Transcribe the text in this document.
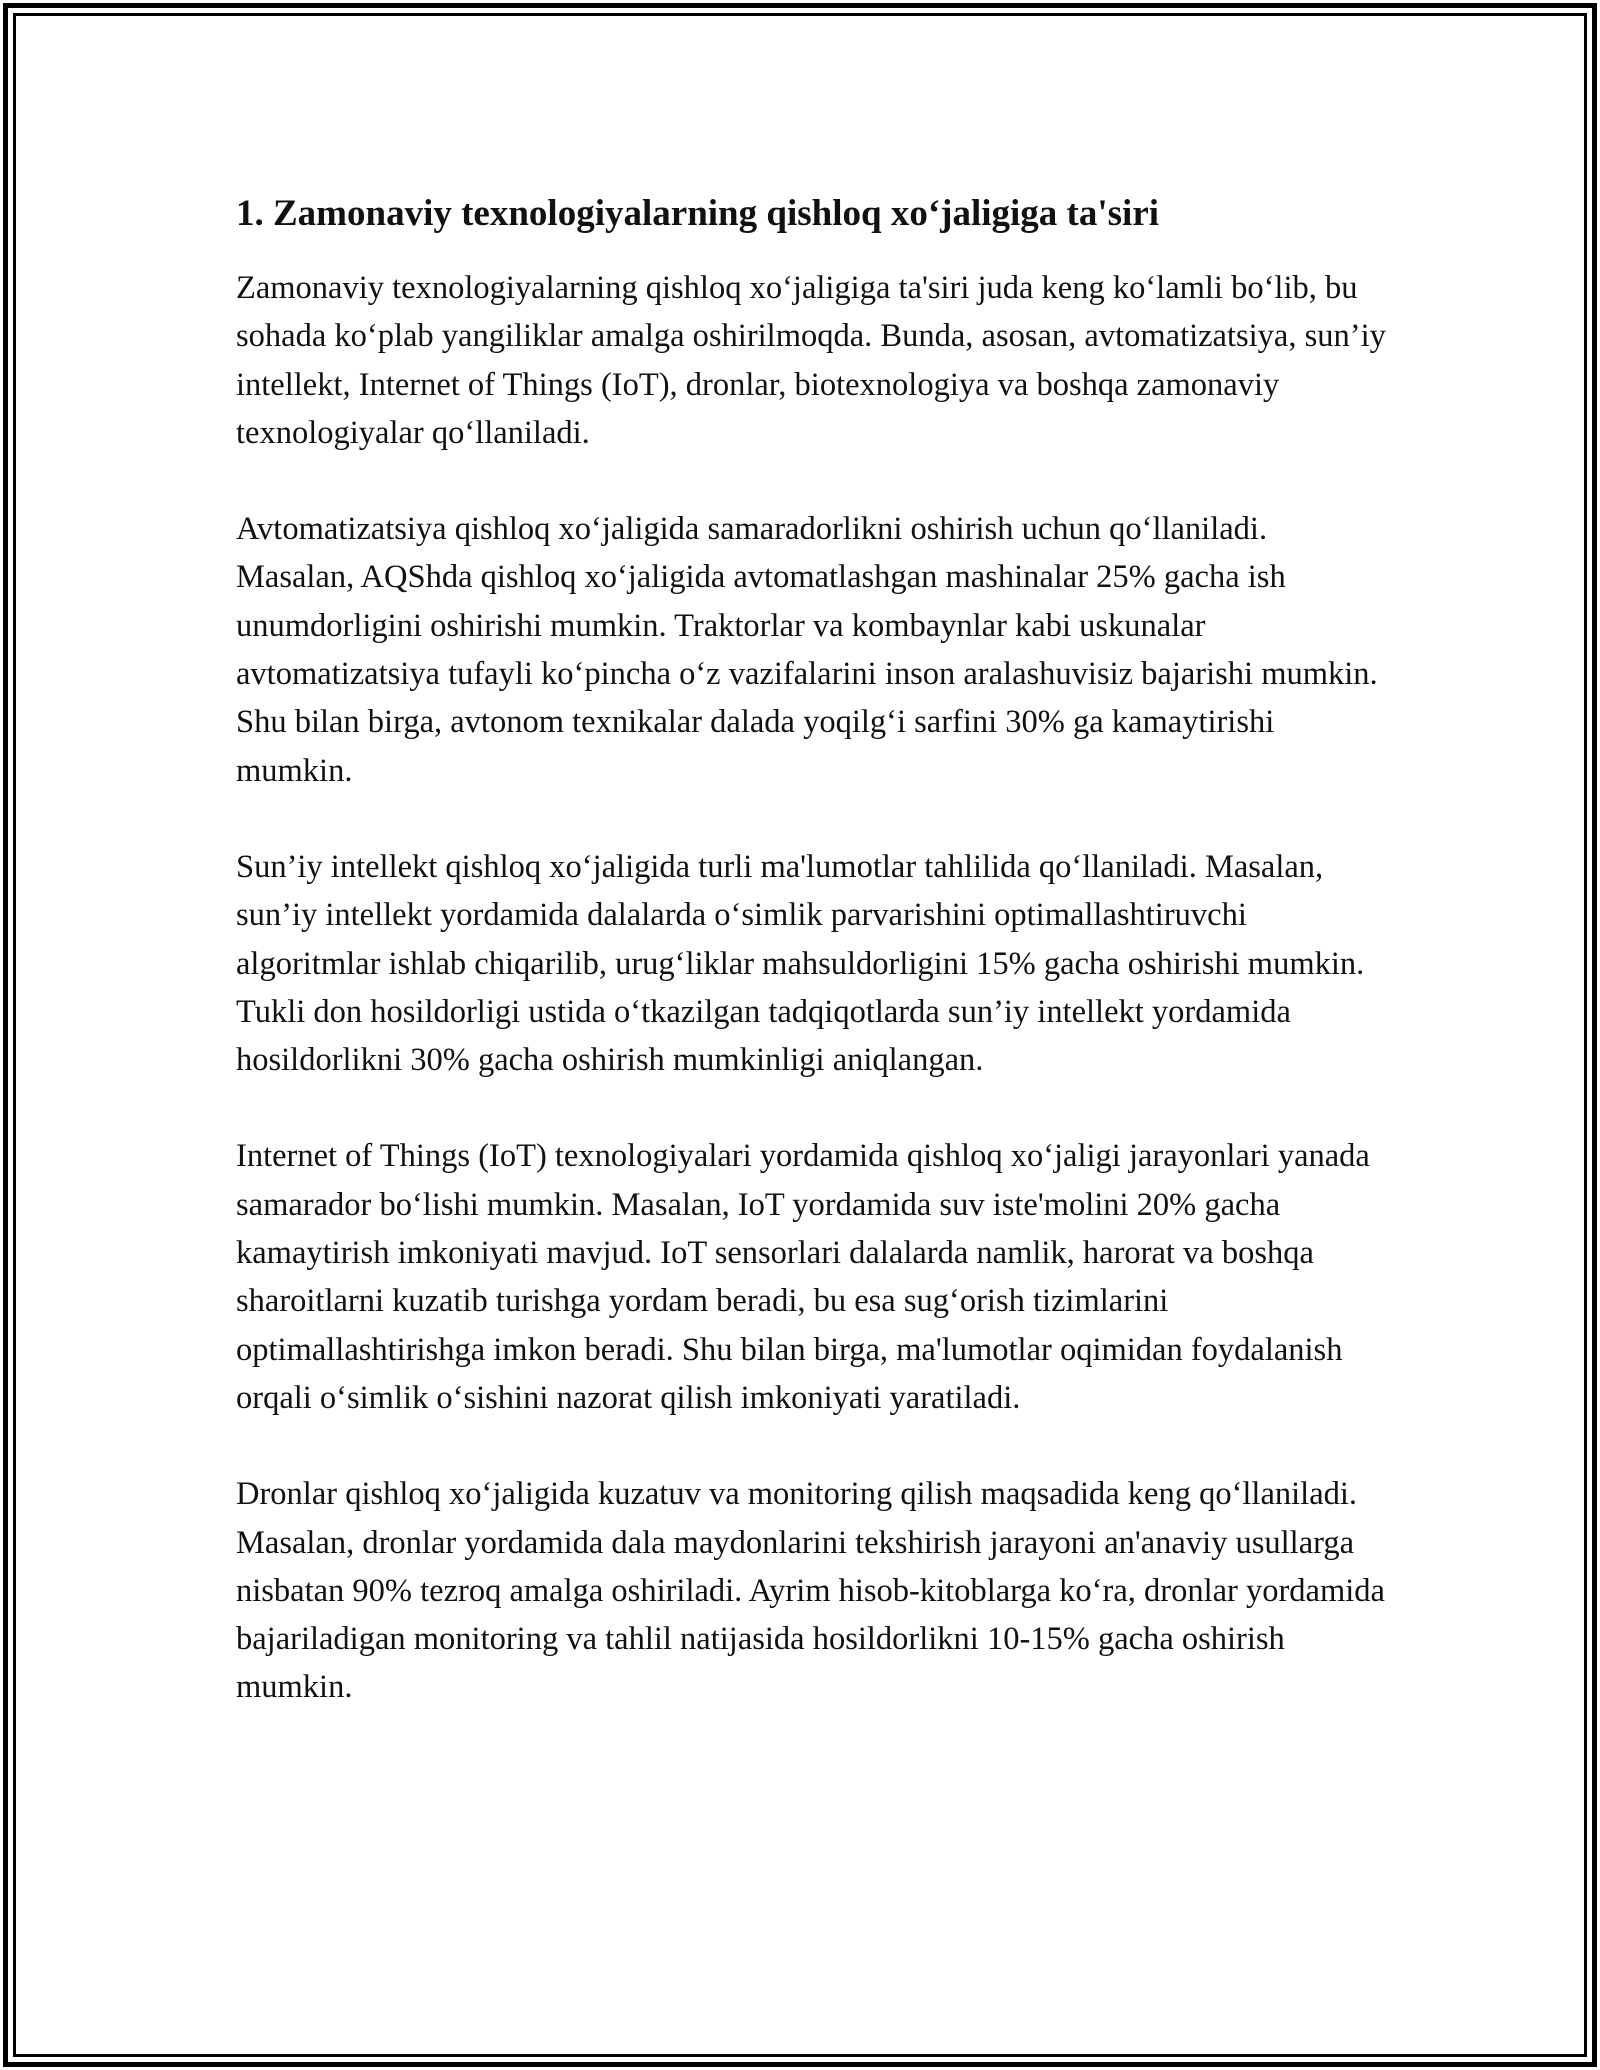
1. Zamonaviy texnologiyalarning qishloq xo‘jaligiga ta'siri

Zamonaviy texnologiyalarning qishloq xo‘jaligiga ta'siri juda keng ko‘lamli bo‘lib, bu sohada ko‘plab yangiliklar amalga oshirilmoqda. Bunda, asosan, avtomatizatsiya, sun’iy intellekt, Internet of Things (IoT), dronlar, biotexnologiya va boshqa zamonaviy texnologiyalar qo‘llaniladi.

Avtomatizatsiya qishloq xo‘jaligida samaradorlikni oshirish uchun qo‘llaniladi. Masalan, AQShda qishloq xo‘jaligida avtomatlashgan mashinalar 25% gacha ish unumdorligini oshirishi mumkin. Traktorlar va kombaynlar kabi uskunalar avtomatizatsiya tufayli ko‘pincha o‘z vazifalarini inson aralashuvisiz bajarishi mumkin. Shu bilan birga, avtonom texnikalar dalada yoqilg‘i sarfini 30% ga kamaytirishi mumkin.

Sun’iy intellekt qishloq xo‘jaligida turli ma'lumotlar tahlilida qo‘llaniladi. Masalan, sun’iy intellekt yordamida dalalarda o‘simlik parvarishini optimallashtiruvchi algoritmlar ishlab chiqarilib, urug‘liklar mahsuldorligini 15% gacha oshirishi mumkin. Tukli don hosildorligi ustida o‘tkazilgan tadqiqotlarda sun’iy intellekt yordamida hosildorlikni 30% gacha oshirish mumkinligi aniqlangan.

Internet of Things (IoT) texnologiyalari yordamida qishloq xo‘jaligi jarayonlari yanada samarador bo‘lishi mumkin. Masalan, IoT yordamida suv iste'molini 20% gacha kamaytirish imkoniyati mavjud. IoT sensorlari dalalarda namlik, harorat va boshqa sharoitlarni kuzatib turishga yordam beradi, bu esa sug‘orish tizimlarini optimallashtirishga imkon beradi. Shu bilan birga, ma'lumotlar oqimidan foydalanish orqali o‘simlik o‘sishini nazorat qilish imkoniyati yaratiladi.

Dronlar qishloq xo‘jaligida kuzatuv va monitoring qilish maqsadida keng qo‘llaniladi. Masalan, dronlar yordamida dala maydonlarini tekshirish jarayoni an'anaviy usullarga nisbatan 90% tezroq amalga oshiriladi. Ayrim hisob-kitoblarga ko‘ra, dronlar yordamida bajariladigan monitoring va tahlil natijasida hosildorlikni 10-15% gacha oshirish mumkin.
